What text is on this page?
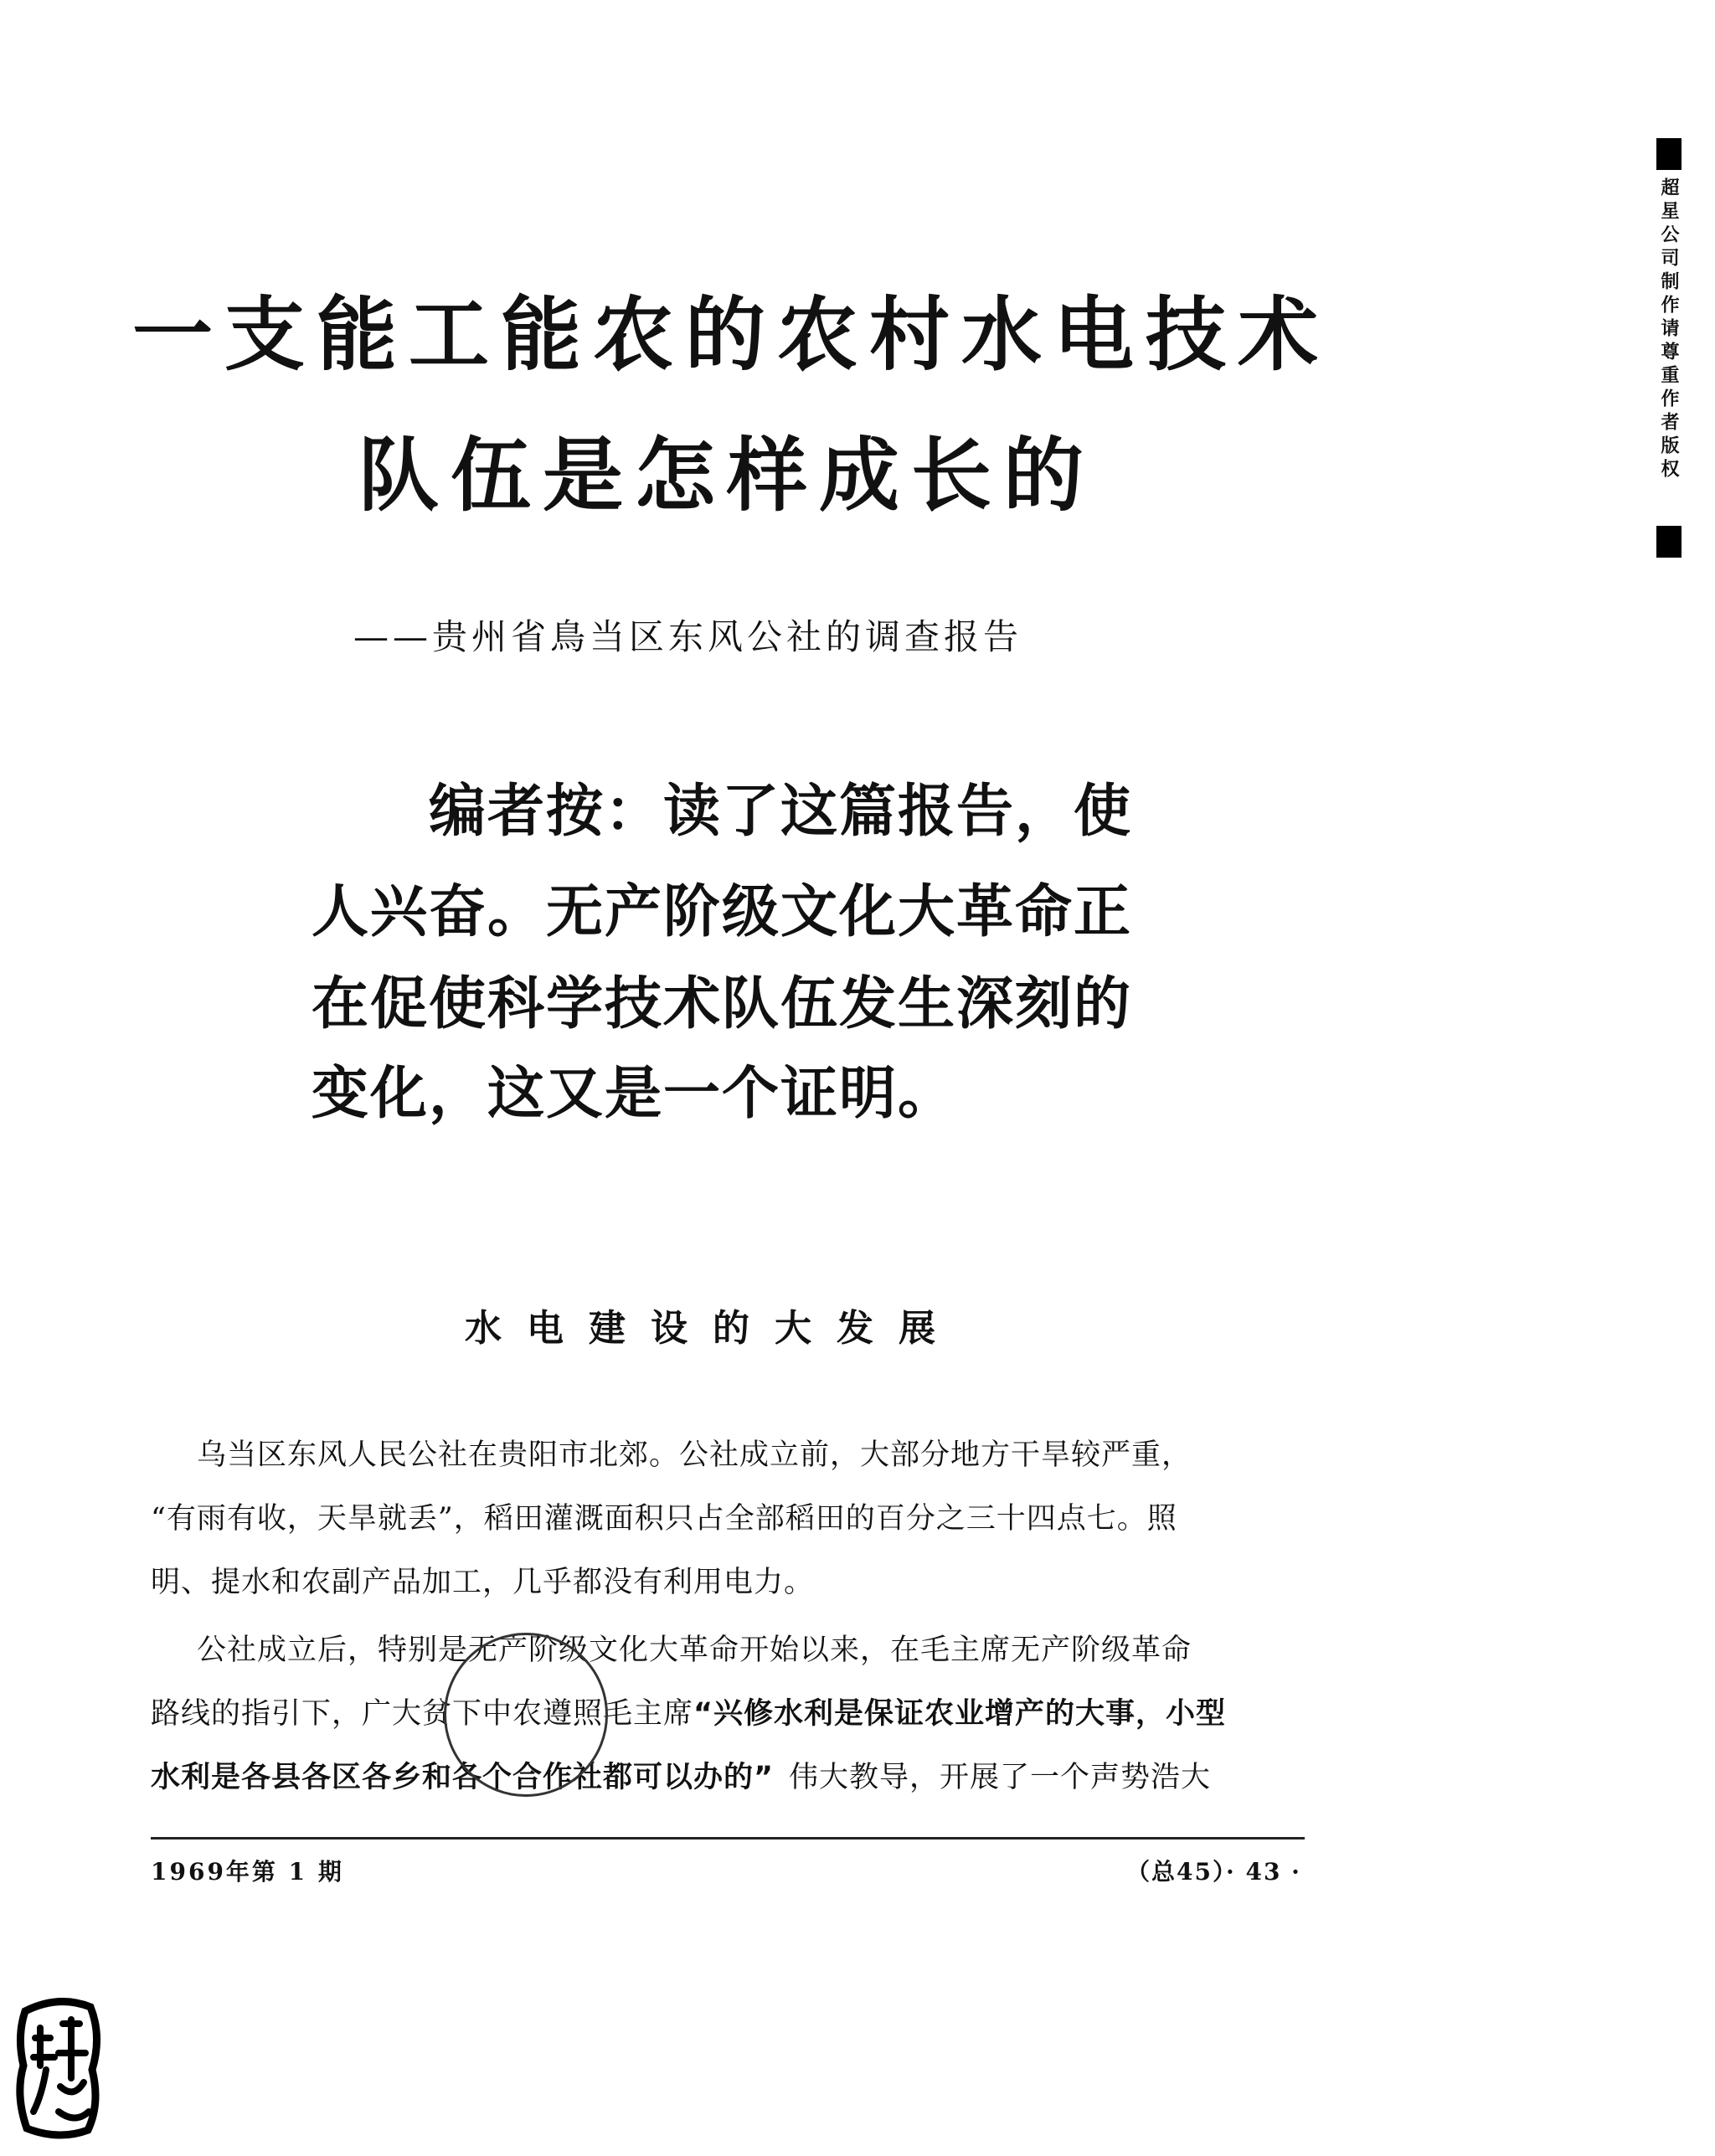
一支能工能农的农村水电技术
队伍是怎样成长的
——贵州省鳥当区东风公社的调查报告
编者按：读了这篇报告，使
人兴奋。无产阶级文化大革命正
在促使科学技术队伍发生深刻的
变化，这又是一个证明。
水电建设的大发展
乌当区东风人民公社在贵阳市北郊。公社成立前，大部分地方干旱较严重，
“有雨有收，天旱就丢”，稻田灌溉面积只占全部稻田的百分之三十四点七。照
明、提水和农副产品加工，几乎都没有利用电力。
公社成立后，特别是无产阶级文化大革命开始以来，在毛主席无产阶级革命
路线的指引下，广大贫下中农遵照毛主席“兴修水利是保证农业增产的大事，小型
水利是各县各区各乡和各个合作社都可以办的” 伟大教导，开展了一个声势浩大
1969年第 1 期	（总45）· 43 ·
超星公司制作请尊重作者版权
